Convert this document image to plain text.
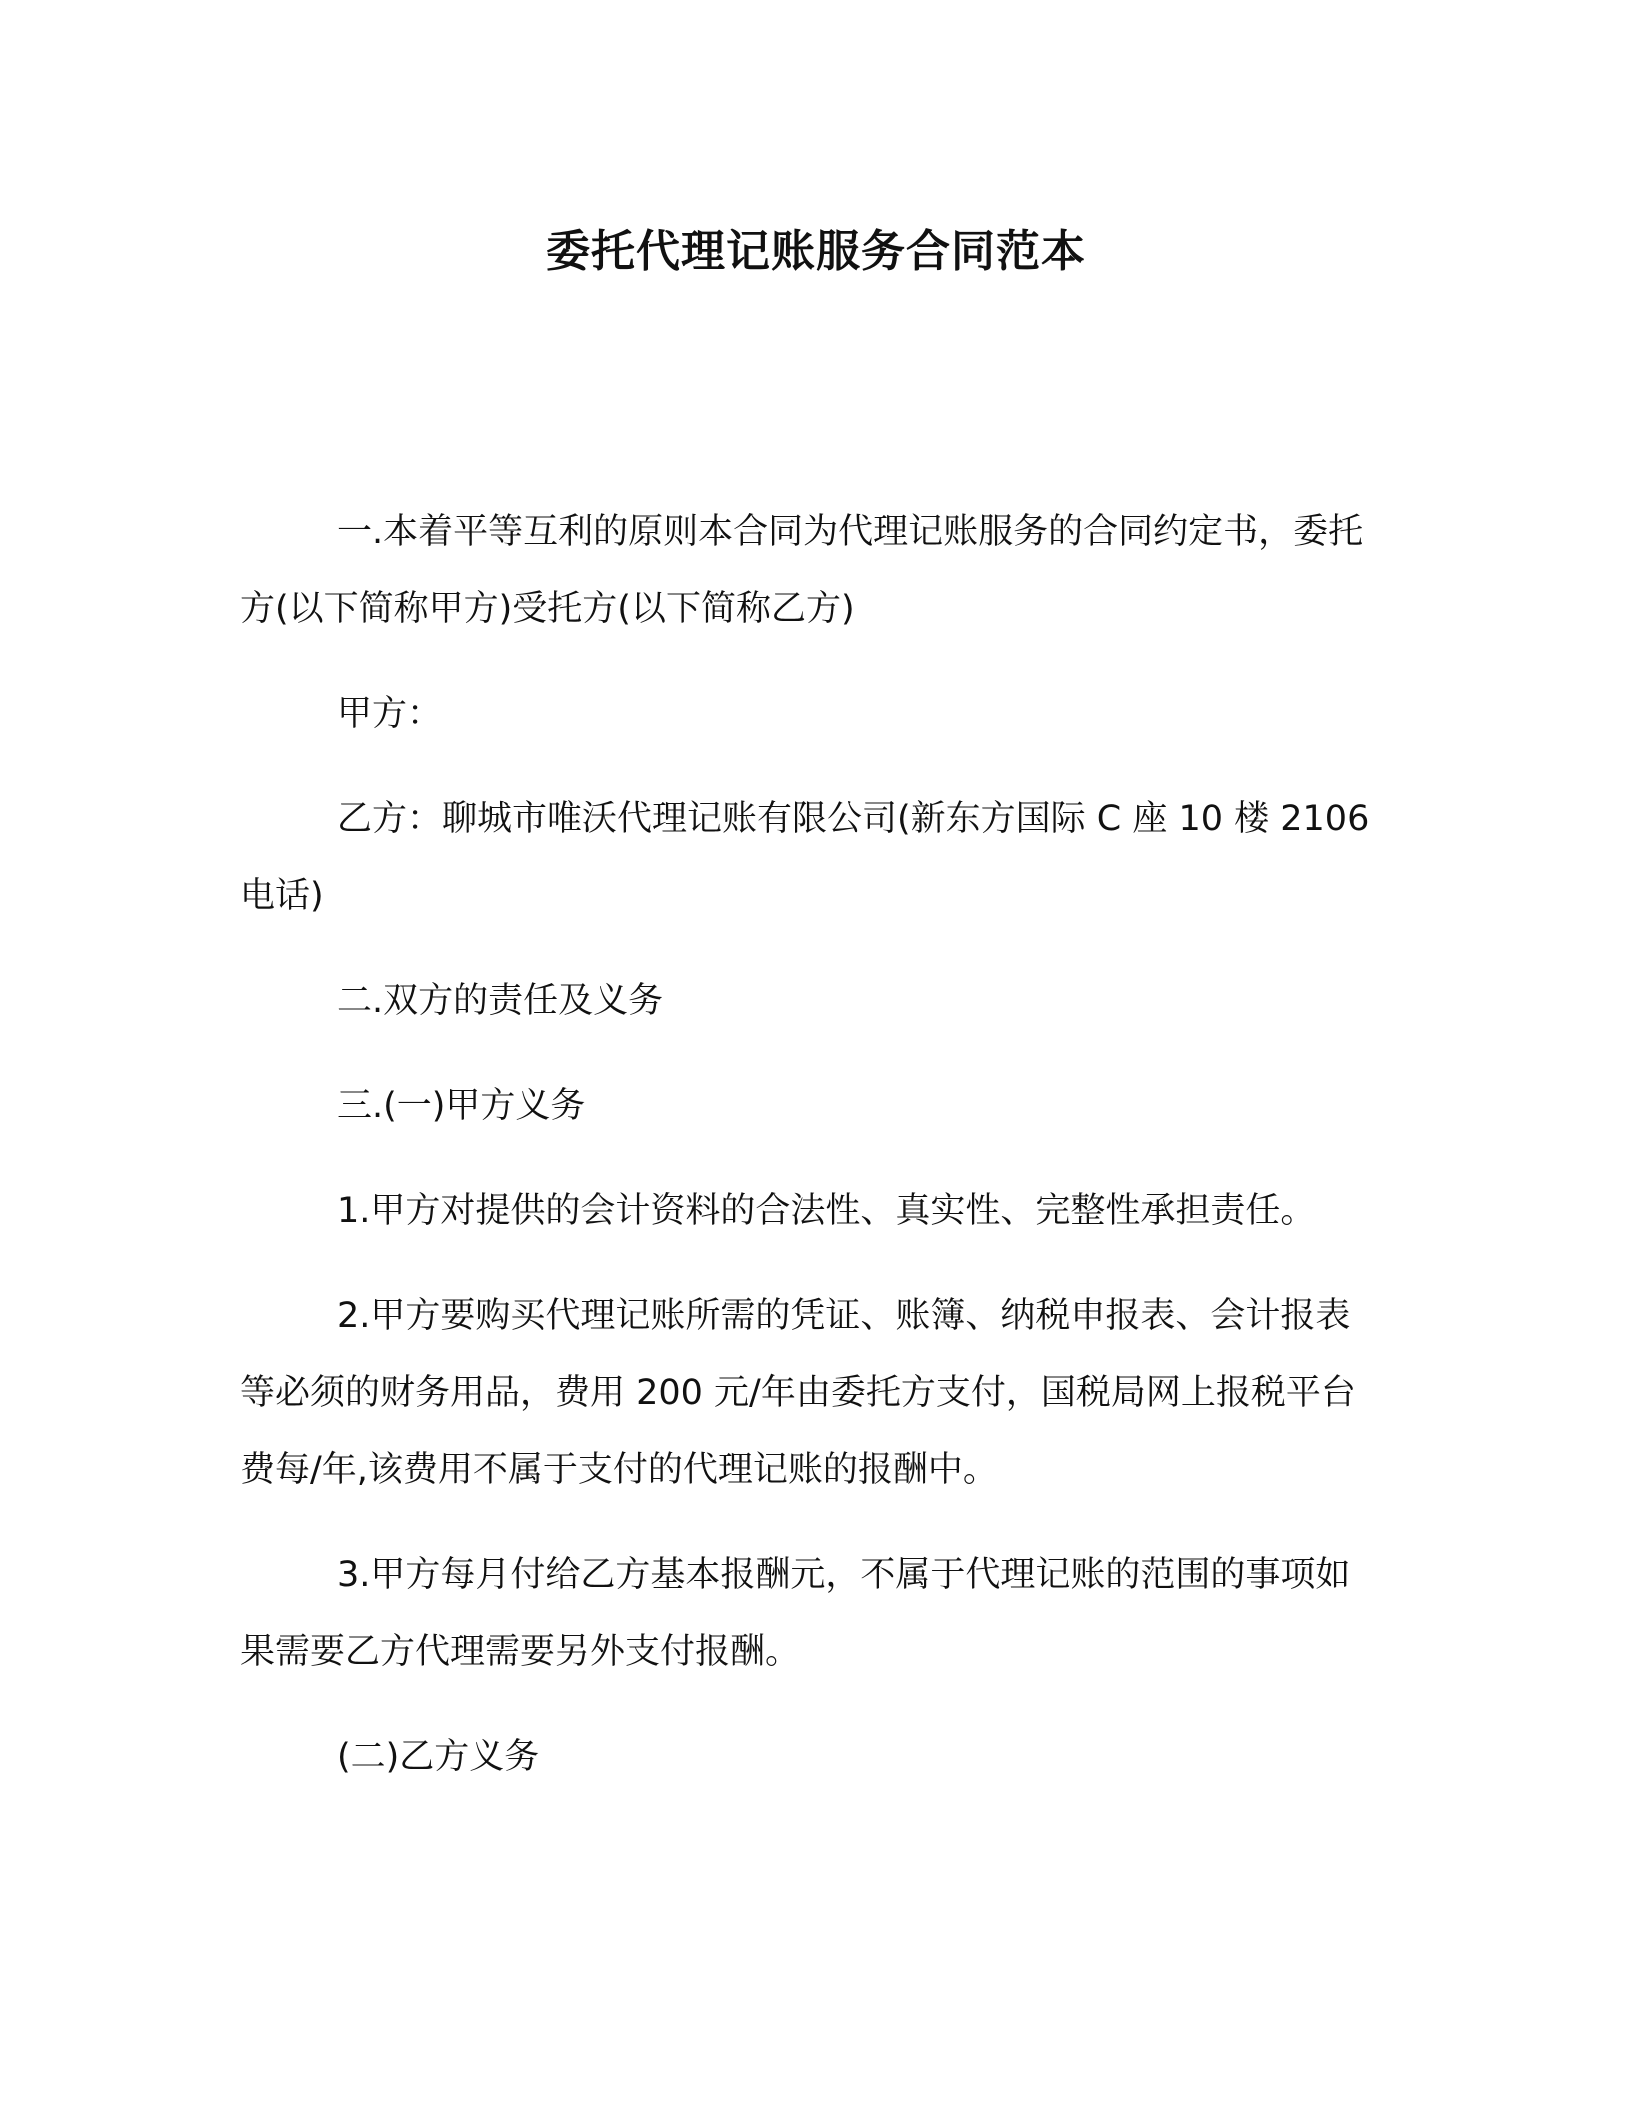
委托代理记账服务合同范本

一.本着平等互利的原则本合同为代理记账服务的合同约定书，委托方(以下简称甲方)受托方(以下简称乙方)

甲方：

乙方：聊城市唯沃代理记账有限公司(新东方国际 C 座 10 楼 2106 电话)

二.双方的责任及义务

三.(一)甲方义务

1.甲方对提供的会计资料的合法性、真实性、完整性承担责任。

2.甲方要购买代理记账所需的凭证、账簿、纳税申报表、会计报表等必须的财务用品，费用 200 元/年由委托方支付，国税局网上报税平台费每/年,该费用不属于支付的代理记账的报酬中。

3.甲方每月付给乙方基本报酬元，不属于代理记账的范围的事项如果需要乙方代理需要另外支付报酬。

(二)乙方义务
